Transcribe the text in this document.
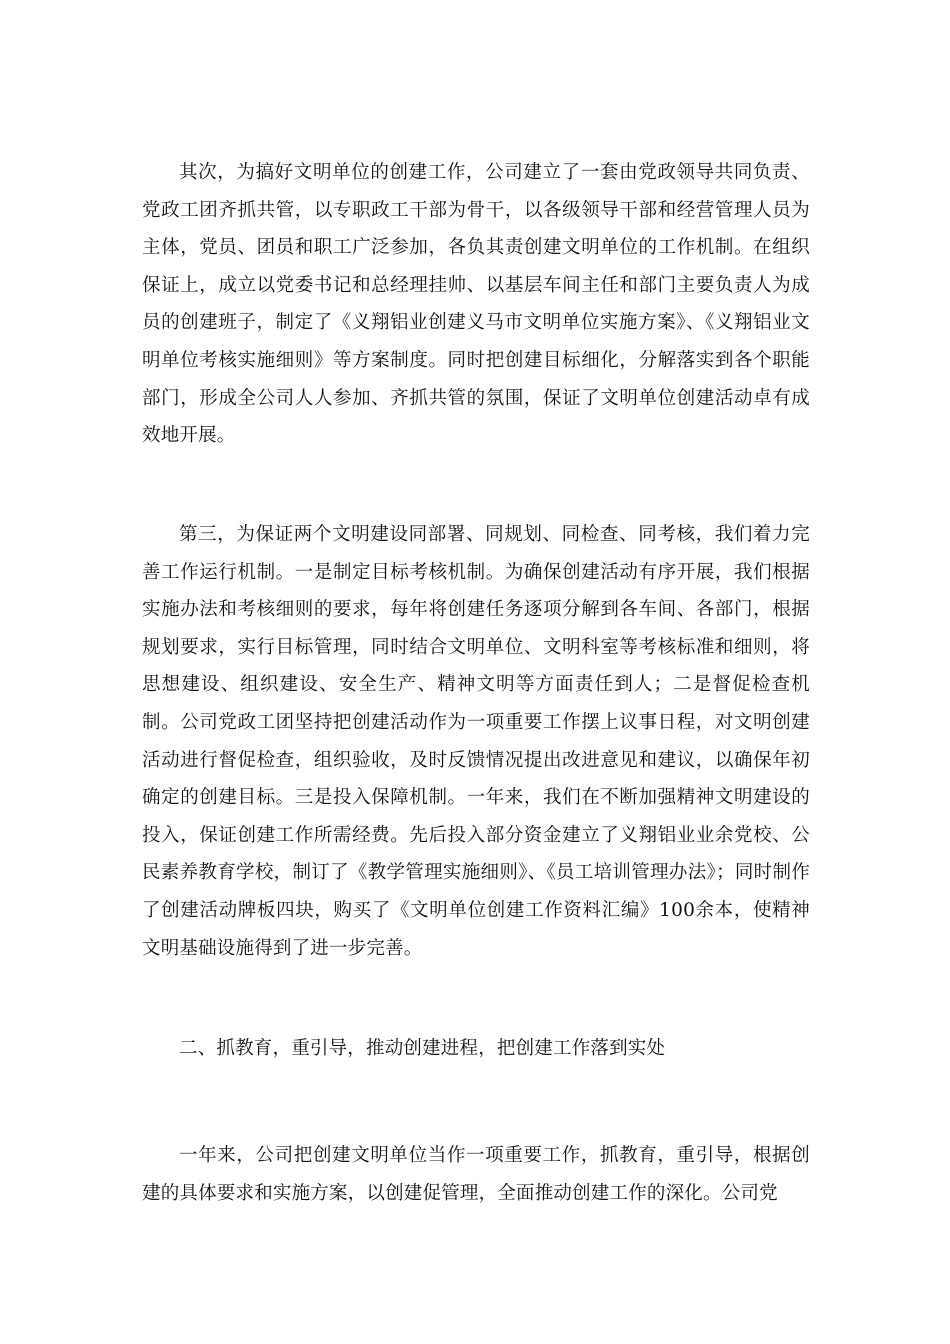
其次，为搞好文明单位的创建工作，公司建立了一套由党政领导共同负责、党政工团齐抓共管，以专职政工干部为骨干，以各级领导干部和经营管理人员为主体，党员、团员和职工广泛参加，各负其责创建文明单位的工作机制。在组织保证上，成立以党委书记和总经理挂帅、以基层车间主任和部门主要负责人为成员的创建班子，制定了《义翔铝业创建义马市文明单位实施方案》、《义翔铝业文明单位考核实施细则》等方案制度。同时把创建目标细化，分解落实到各个职能部门，形成全公司人人参加、齐抓共管的氛围，保证了文明单位创建活动卓有成效地开展。

第三，为保证两个文明建设同部署、同规划、同检查、同考核，我们着力完善工作运行机制。一是制定目标考核机制。为确保创建活动有序开展，我们根据实施办法和考核细则的要求，每年将创建任务逐项分解到各车间、各部门，根据规划要求，实行目标管理，同时结合文明单位、文明科室等考核标准和细则，将思想建设、组织建设、安全生产、精神文明等方面责任到人；二是督促检查机制。公司党政工团坚持把创建活动作为一项重要工作摆上议事日程，对文明创建活动进行督促检查，组织验收，及时反馈情况提出改进意见和建议，以确保年初确定的创建目标。三是投入保障机制。一年来，我们在不断加强精神文明建设的投入，保证创建工作所需经费。先后投入部分资金建立了义翔铝业业余党校、公民素养教育学校，制订了《教学管理实施细则》、《员工培训管理办法》；同时制作了创建活动牌板四块，购买了《文明单位创建工作资料汇编》100余本，使精神文明基础设施得到了进一步完善。

二、抓教育，重引导，推动创建进程，把创建工作落到实处

一年来，公司把创建文明单位当作一项重要工作，抓教育，重引导，根据创建的具体要求和实施方案，以创建促管理，全面推动创建工作的深化。公司党
